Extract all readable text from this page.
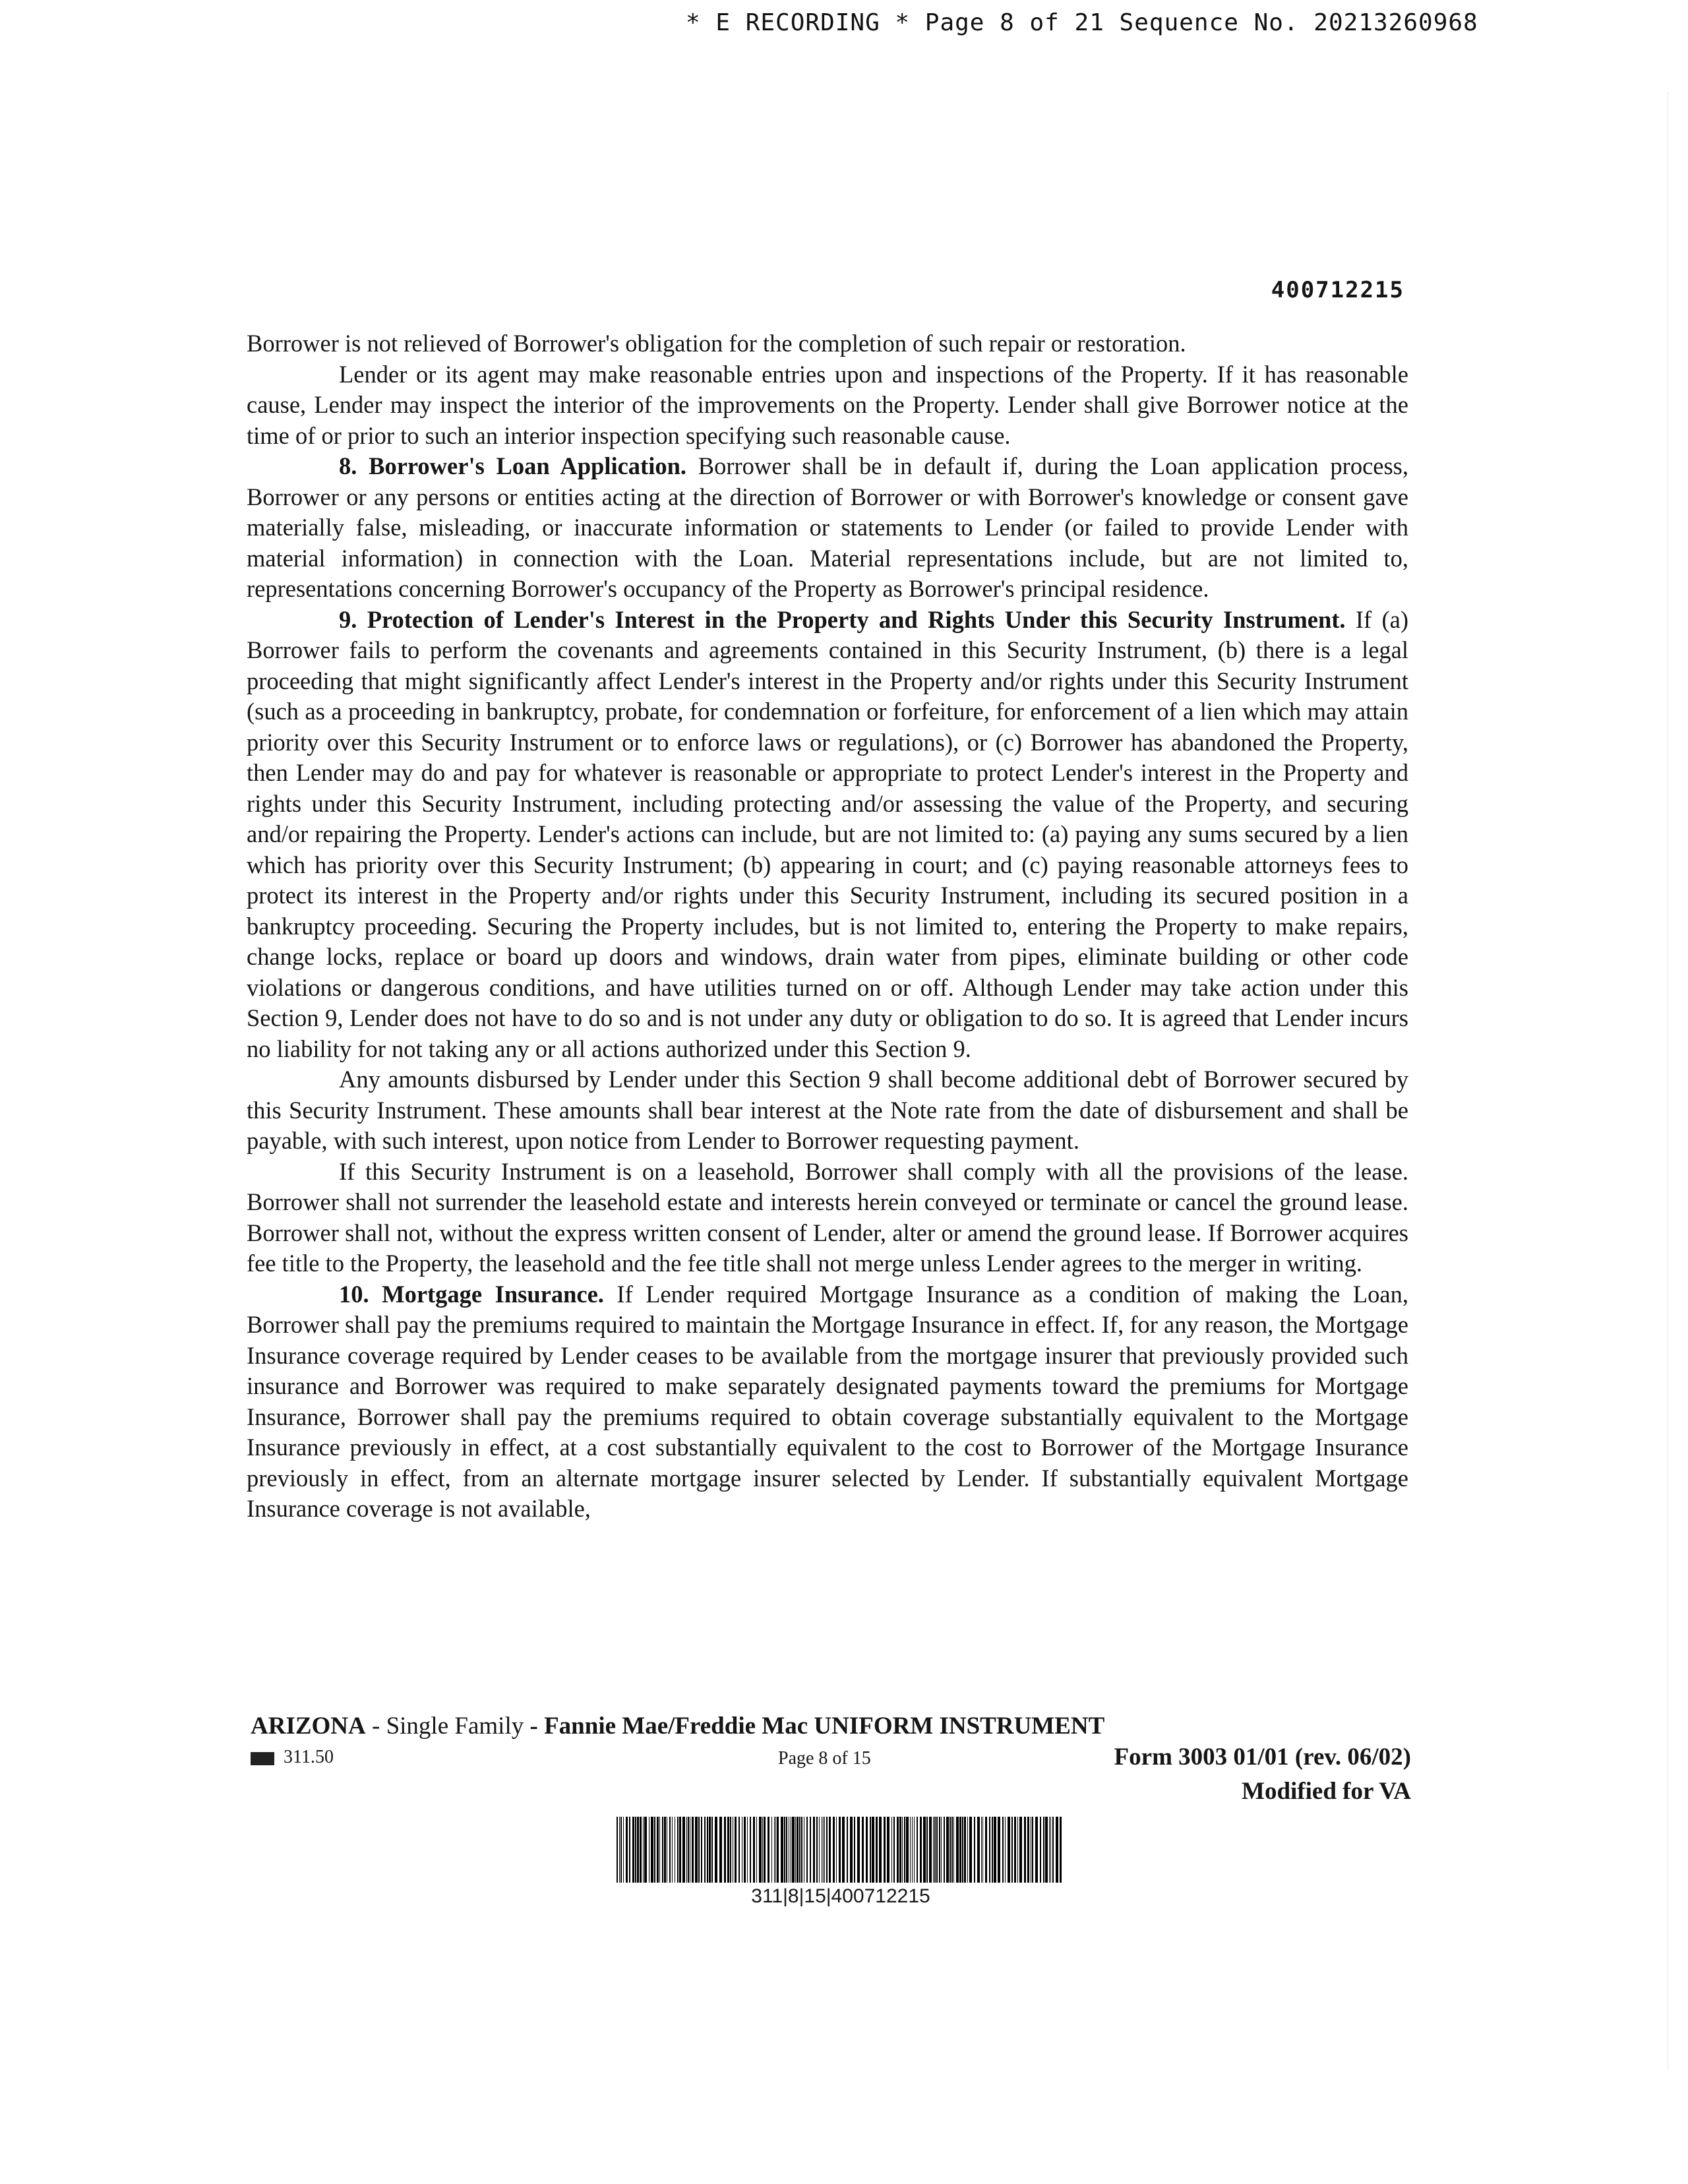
* E RECORDING * Page 8 of 21 Sequence No. 20213260968
400712215

Borrower is not relieved of Borrower's obligation for the completion of such repair or restoration.

Lender or its agent may make reasonable entries upon and inspections of the Property. If it has reasonable cause, Lender may inspect the interior of the improvements on the Property. Lender shall give Borrower notice at the time of or prior to such an interior inspection specifying such reasonable cause.

8. Borrower's Loan Application. Borrower shall be in default if, during the Loan application process, Borrower or any persons or entities acting at the direction of Borrower or with Borrower's knowledge or consent gave materially false, misleading, or inaccurate information or statements to Lender (or failed to provide Lender with material information) in connection with the Loan. Material representations include, but are not limited to, representations concerning Borrower's occupancy of the Property as Borrower's principal residence.

9. Protection of Lender's Interest in the Property and Rights Under this Security Instrument. If (a) Borrower fails to perform the covenants and agreements contained in this Security Instrument, (b) there is a legal proceeding that might significantly affect Lender's interest in the Property and/or rights under this Security Instrument (such as a proceeding in bankruptcy, probate, for condemnation or forfeiture, for enforcement of a lien which may attain priority over this Security Instrument or to enforce laws or regulations), or (c) Borrower has abandoned the Property, then Lender may do and pay for whatever is reasonable or appropriate to protect Lender's interest in the Property and rights under this Security Instrument, including protecting and/or assessing the value of the Property, and securing and/or repairing the Property. Lender's actions can include, but are not limited to: (a) paying any sums secured by a lien which has priority over this Security Instrument; (b) appearing in court; and (c) paying reasonable attorneys fees to protect its interest in the Property and/or rights under this Security Instrument, including its secured position in a bankruptcy proceeding. Securing the Property includes, but is not limited to, entering the Property to make repairs, change locks, replace or board up doors and windows, drain water from pipes, eliminate building or other code violations or dangerous conditions, and have utilities turned on or off. Although Lender may take action under this Section 9, Lender does not have to do so and is not under any duty or obligation to do so. It is agreed that Lender incurs no liability for not taking any or all actions authorized under this Section 9.

Any amounts disbursed by Lender under this Section 9 shall become additional debt of Borrower secured by this Security Instrument. These amounts shall bear interest at the Note rate from the date of disbursement and shall be payable, with such interest, upon notice from Lender to Borrower requesting payment.

If this Security Instrument is on a leasehold, Borrower shall comply with all the provisions of the lease. Borrower shall not surrender the leasehold estate and interests herein conveyed or terminate or cancel the ground lease. Borrower shall not, without the express written consent of Lender, alter or amend the ground lease. If Borrower acquires fee title to the Property, the leasehold and the fee title shall not merge unless Lender agrees to the merger in writing.

10. Mortgage Insurance. If Lender required Mortgage Insurance as a condition of making the Loan, Borrower shall pay the premiums required to maintain the Mortgage Insurance in effect. If, for any reason, the Mortgage Insurance coverage required by Lender ceases to be available from the mortgage insurer that previously provided such insurance and Borrower was required to make separately designated payments toward the premiums for Mortgage Insurance, Borrower shall pay the premiums required to obtain coverage substantially equivalent to the Mortgage Insurance previously in effect, at a cost substantially equivalent to the cost to Borrower of the Mortgage Insurance previously in effect, from an alternate mortgage insurer selected by Lender. If substantially equivalent Mortgage Insurance coverage is not available,

ARIZONA - Single Family - Fannie Mae/Freddie Mac UNIFORM INSTRUMENT
311.50	Page 8 of 15	Form 3003 01/01 (rev. 06/02)
Modified for VA
311|8|15|400712215
